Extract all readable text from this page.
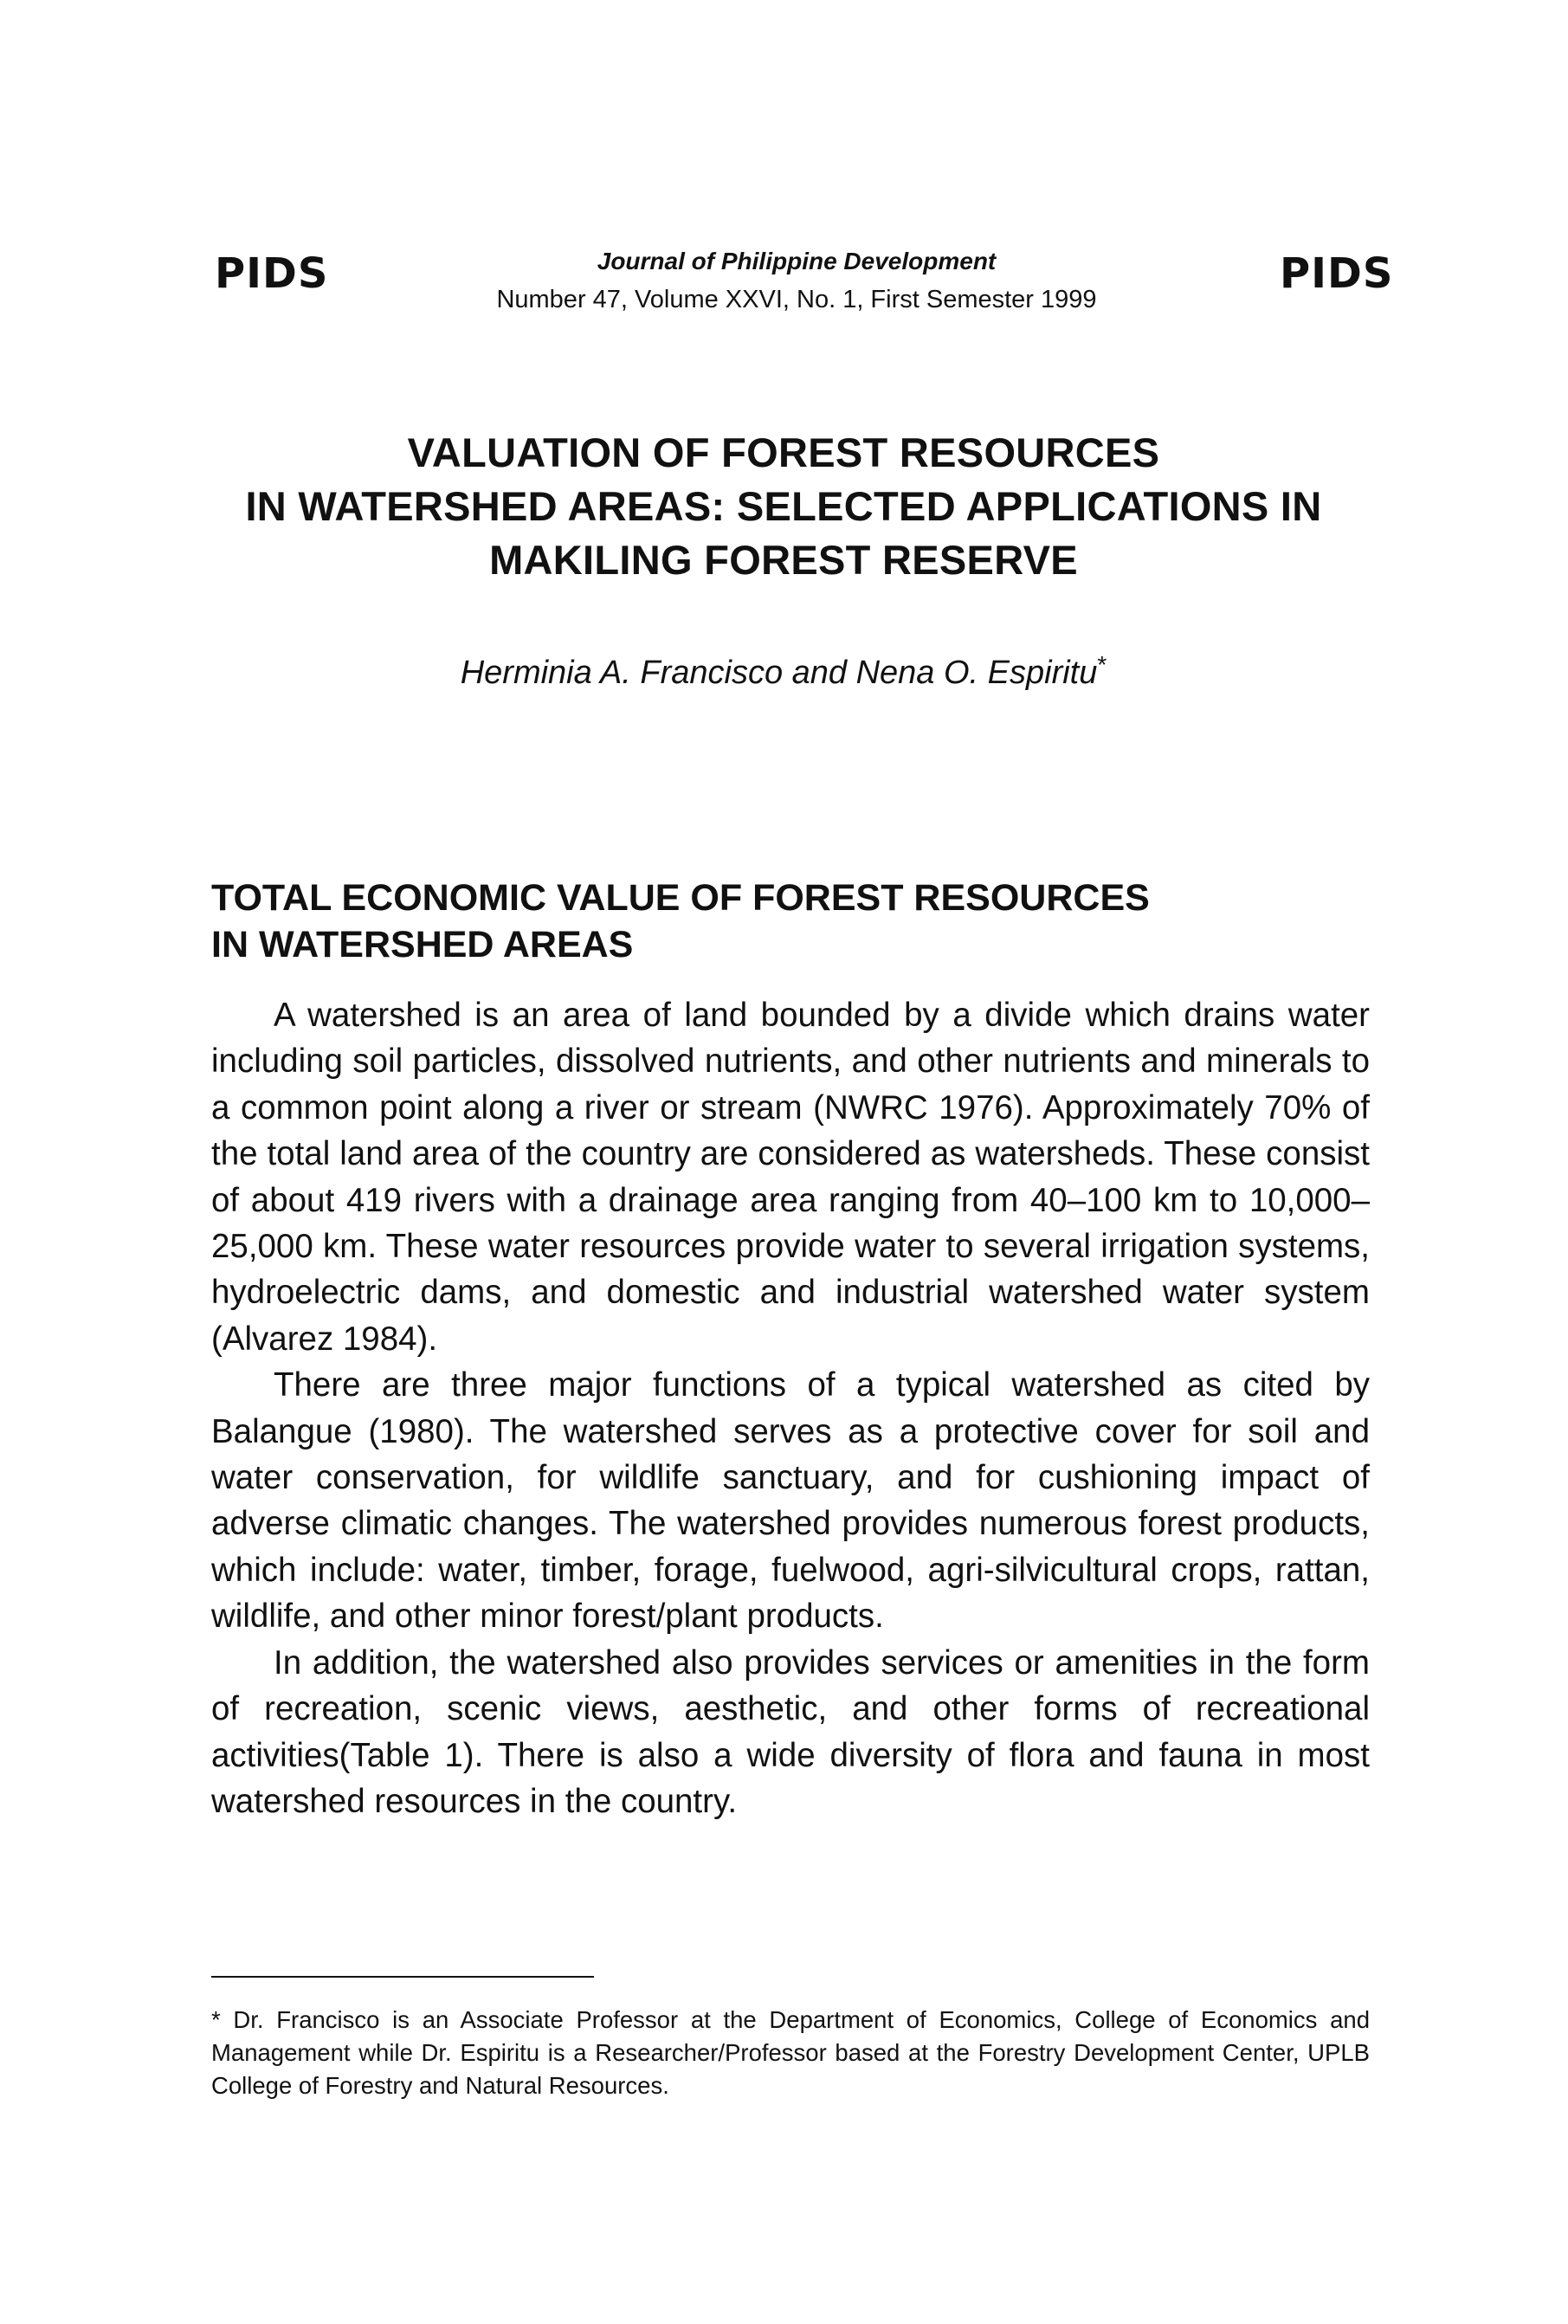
PIDS	Journal of Philippine Development
Number 47, Volume XXVI, No. 1, First Semester 1999
PIDS
VALUATION OF FOREST RESOURCES
IN WATERSHED AREAS: SELECTED APPLICATIONS IN
MAKILING FOREST RESERVE
Herminia A. Francisco and Nena O. Espiritu*
TOTAL ECONOMIC VALUE OF FOREST RESOURCES
IN WATERSHED AREAS

A watershed is an area of land bounded by a divide which drains water including soil particles, dissolved nutrients, and other nutrients and minerals to a common point along a river or stream (NWRC 1976). Approximately 70% of the total land area of the country are considered as watersheds. These consist of about 419 rivers with a drainage area ranging from 40–100 km to 10,000–25,000 km. These water resources provide water to several irrigation systems, hydroelectric dams, and domestic and industrial watershed water system (Alvarez 1984).

There are three major functions of a typical watershed as cited by Balangue (1980). The watershed serves as a protective cover for soil and water conservation, for wildlife sanctuary, and for cushioning impact of adverse climatic changes. The watershed provides numerous forest products, which include: water, timber, forage, fuelwood, agri-silvicultural crops, rattan, wildlife, and other minor forest/plant products.

In addition, the watershed also provides services or amenities in the form of recreation, scenic views, aesthetic, and other forms of recreational activities(Table 1). There is also a wide diversity of flora and fauna in most watershed resources in the country.

* Dr. Francisco is an Associate Professor at the Department of Economics, College of Economics and Management while Dr. Espiritu is a Researcher/Professor based at the Forestry Development Center, UPLB College of Forestry and Natural Resources.
